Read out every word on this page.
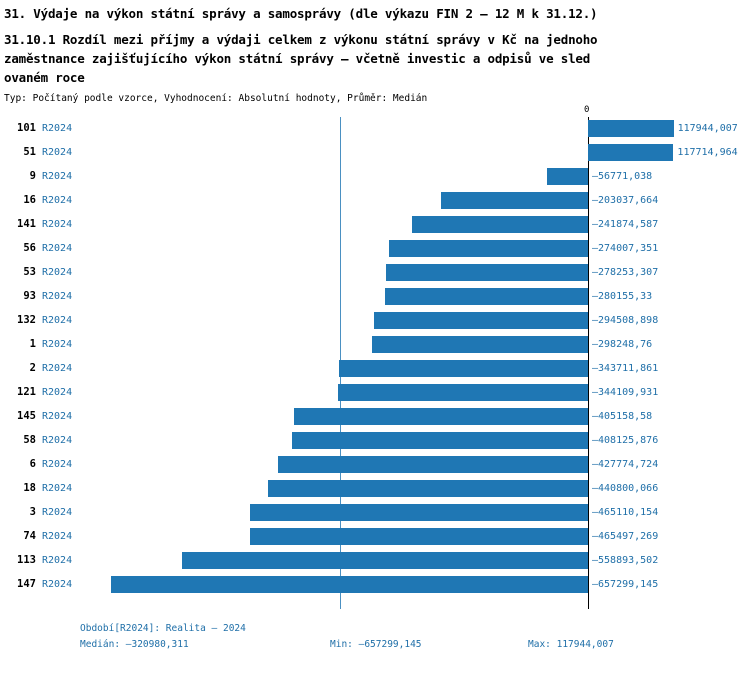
31. Výdaje na výkon státní správy a samosprávy (dle výkazu FIN 2 – 12 M k 31.12.)
31.10.1 Rozdíl mezi příjmy a výdaji celkem z výkonu státní správy v Kč na jednoho
zaměstnance zajišťujícího výkon státní správy – včetně investic a odpisů ve sled
ovaném roce
Typ: Počítaný podle vzorce, Vyhodnocení: Absolutní hodnoty, Průměr: Medián
0
101 R2024	117944,007
51 R2024	117714,964
9 R2024	–56771,038
16 R2024	–203037,664
141 R2024	–241874,587
56 R2024	–274007,351
53 R2024	–278253,307
93 R2024	–280155,33
132 R2024	–294508,898
1 R2024	–298248,76
2 R2024	–343711,861
121 R2024	–344109,931
145 R2024	–405158,58
58 R2024	–408125,876
6 R2024	–427774,724
18 R2024	–440800,066
3 R2024	–465110,154
74 R2024	–465497,269
113 R2024	–558893,502
147 R2024	–657299,145
Období[R2024]: Realita – 2024
Medián: –320980,311	Min: –657299,145	Max: 117944,007
